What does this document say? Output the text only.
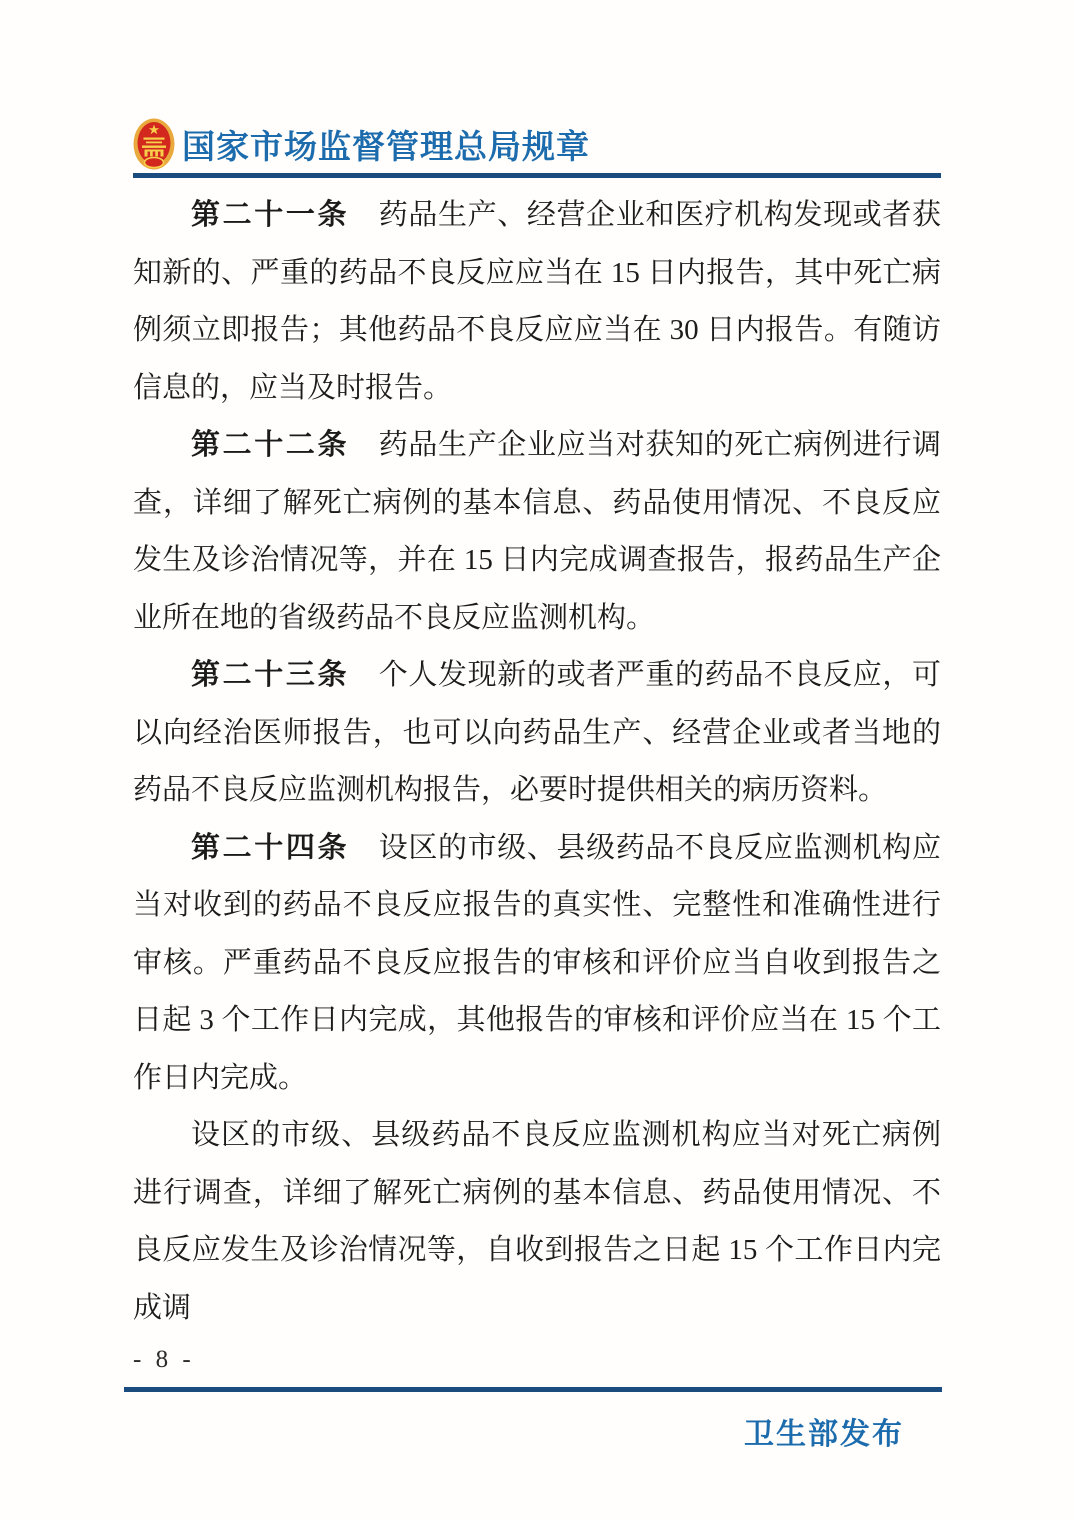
国家市场监督管理总局规章

第二十一条　药品生产、经营企业和医疗机构发现或者获知新的、严重的药品不良反应应当在 15 日内报告，其中死亡病例须立即报告；其他药品不良反应应当在 30 日内报告。有随访信息的，应当及时报告。

第二十二条　药品生产企业应当对获知的死亡病例进行调查，详细了解死亡病例的基本信息、药品使用情况、不良反应发生及诊治情况等，并在 15 日内完成调查报告，报药品生产企业所在地的省级药品不良反应监测机构。

第二十三条　个人发现新的或者严重的药品不良反应，可以向经治医师报告，也可以向药品生产、经营企业或者当地的药品不良反应监测机构报告，必要时提供相关的病历资料。

第二十四条　设区的市级、县级药品不良反应监测机构应当对收到的药品不良反应报告的真实性、完整性和准确性进行审核。严重药品不良反应报告的审核和评价应当自收到报告之日起 3 个工作日内完成，其他报告的审核和评价应当在 15 个工作日内完成。

设区的市级、县级药品不良反应监测机构应当对死亡病例进行调查，详细了解死亡病例的基本信息、药品使用情况、不良反应发生及诊治情况等，自收到报告之日起 15 个工作日内完成调

- 8 -
卫生部发布
